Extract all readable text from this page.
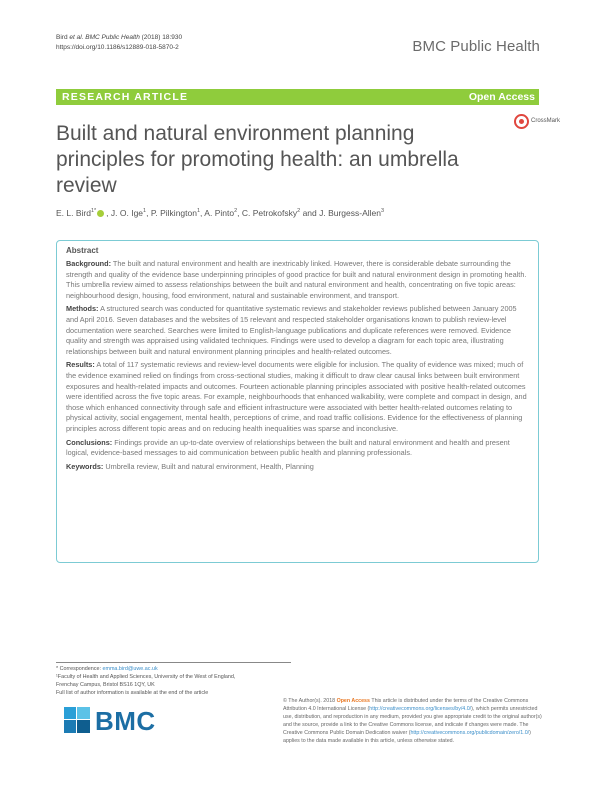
Bird et al. BMC Public Health (2018) 18:930
https://doi.org/10.1186/s12889-018-5870-2	BMC Public Health
RESEARCH ARTICLE	Open Access
Built and natural environment planning principles for promoting health: an umbrella review
CrossMark
E. L. Bird$^{1*}$ , J. O. Ige$^1$, P. Pilkington$^1$, A. Pinto$^2$, C. Petrokofsky$^2$ and J. Burgess-Allen$^3$
Abstract

Background: The built and natural environment and health are inextricably linked. However, there is considerable debate surrounding the strength and quality of the evidence base underpinning principles of good practice for built and natural environment design in promoting health. This umbrella review aimed to assess relationships between the built and natural environment and health, concentrating on five topic areas: neighbourhood design, housing, food environment, natural and sustainable environment, and transport.

Methods: A structured search was conducted for quantitative systematic reviews and stakeholder reviews published between January 2005 and April 2016. Seven databases and the websites of 15 relevant and respected stakeholder organisations known to publish review-level documentation were searched. Searches were limited to English-language publications and duplicate references were removed. Evidence quality and strength was appraised using validated techniques. Findings were used to develop a diagram for each topic area, illustrating relationships between built and natural environment planning principles and health-related outcomes.

Results: A total of 117 systematic reviews and review-level documents were eligible for inclusion. The quality of evidence was mixed; much of the evidence examined relied on findings from cross-sectional studies, making it difficult to draw clear causal links between built environment exposures and health-related impacts and outcomes. Fourteen actionable planning principles associated with positive health-related outcomes were identified across the five topic areas. For example, neighbourhoods that enhanced walkability, were complete and compact in design, and those which enhanced connectivity through safe and efficient infrastructure were associated with better health-related outcomes relating to physical activity, social engagement, mental health, perceptions of crime, and road traffic collisions. Evidence for the effectiveness of planning principles across different topic areas and on reducing health inequalities was sparse and inconclusive.

Conclusions: Findings provide an up-to-date overview of relationships between the built and natural environment and health and present logical, evidence-based messages to aid communication between public health and planning professionals.

Keywords: Umbrella review, Built and natural environment, Health, Planning

* Correspondence: emma.bird@uwe.ac.uk
¹Faculty of Health and Applied Sciences, University of the West of England,
Frenchay Campus, Bristol BS16 1QY, UK
Full list of author information is available at the end of the article
BMC
© The Author(s). 2018 Open Access This article is distributed under the terms of the Creative Commons Attribution 4.0 International License (http://creativecommons.org/licenses/by/4.0/), which permits unrestricted use, distribution, and reproduction in any medium, provided you give appropriate credit to the original author(s) and the source, provide a link to the Creative Commons license, and indicate if changes were made. The Creative Commons Public Domain Dedication waiver (http://creativecommons.org/publicdomain/zero/1.0/) applies to the data made available in this article, unless otherwise stated.
